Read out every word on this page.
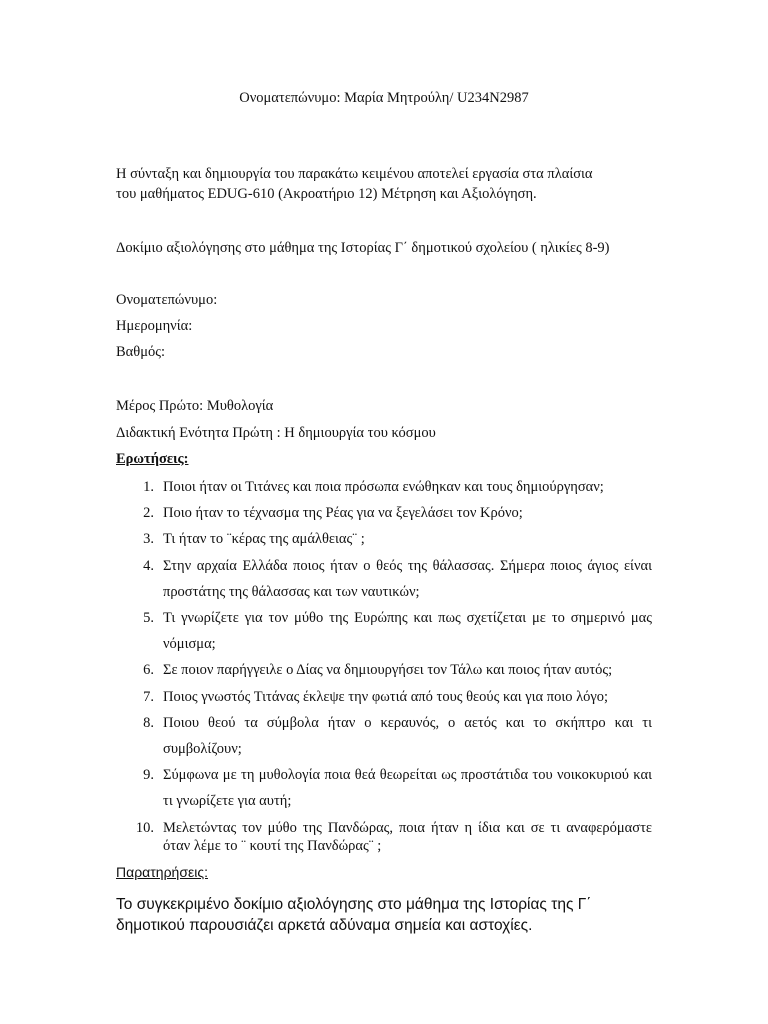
Ονοματεπώνυμο: Μαρία Μητρούλη/ U234N2987
Η σύνταξη και δημιουργία του παρακάτω κειμένου αποτελεί εργασία στα πλαίσια
του μαθήματος EDUG-610 (Ακροατήριο 12) Μέτρηση και Αξιολόγηση.
Δοκίμιο αξιολόγησης στο μάθημα της Ιστορίας Γ΄ δημοτικού σχολείου ( ηλικίες 8-9)
Ονοματεπώνυμο:
Ημερομηνία:
Βαθμός:
Μέρος Πρώτο: Μυθολογία
Διδακτική Ενότητα Πρώτη : Η δημιουργία του κόσμου
Ερωτήσεις:
1. Ποιοι ήταν οι Τιτάνες και ποια πρόσωπα ενώθηκαν και τους δημιούργησαν;
2. Ποιο ήταν το τέχνασμα της Ρέας για να ξεγελάσει τον Κρόνο;
3. Τι ήταν το ¨κέρας της αμάλθειας¨ ;
4. Στην αρχαία Ελλάδα ποιος ήταν ο θεός της θάλασσας. Σήμερα ποιος άγιος είναι προστάτης της θάλασσας και των ναυτικών;
5. Τι γνωρίζετε για τον μύθο της Ευρώπης και πως σχετίζεται με το σημερινό μας νόμισμα;
6. Σε ποιον παρήγγειλε ο Δίας να δημιουργήσει τον Τάλω και ποιος ήταν αυτός;
7. Ποιος γνωστός Τιτάνας έκλεψε την φωτιά από τους θεούς και για ποιο λόγο;
8. Ποιου θεού τα σύμβολα ήταν ο κεραυνός, ο αετός και το σκήπτρο και τι συμβολίζουν;
9. Σύμφωνα με τη μυθολογία ποια θεά θεωρείται ως προστάτιδα του νοικοκυριού και τι γνωρίζετε για αυτή;
10. Μελετώντας τον μύθο της Πανδώρας, ποια ήταν η ίδια και σε τι αναφερόμαστε όταν λέμε το ¨ κουτί της Πανδώρας¨ ;
Παρατηρήσεις:
Το συγκεκριμένο δοκίμιο αξιολόγησης στο μάθημα της Ιστορίας της Γ΄ δημοτικού παρουσιάζει αρκετά αδύναμα σημεία και αστοχίες.
